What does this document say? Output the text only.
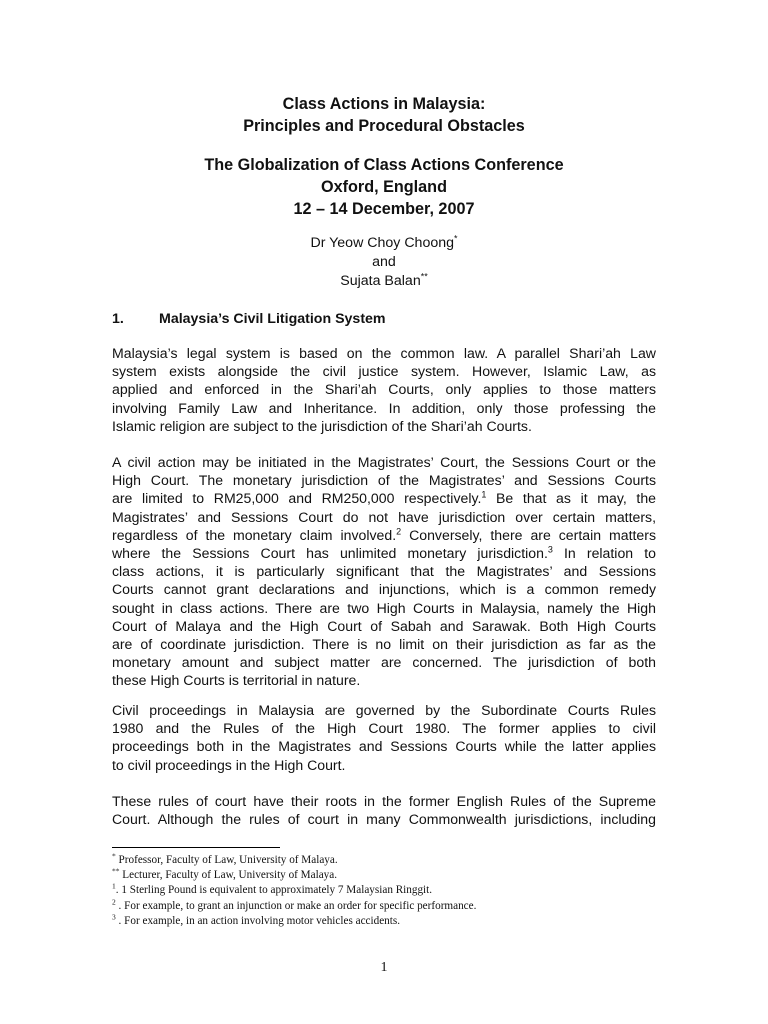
Class Actions in Malaysia:
Principles and Procedural Obstacles
The Globalization of Class Actions Conference
Oxford, England
12 – 14 December, 2007
Dr Yeow Choy Choong*
and
Sujata Balan**
1. Malaysia’s Civil Litigation System
Malaysia’s legal system is based on the common law. A parallel Shari’ah Law
system exists alongside the civil justice system. However, Islamic Law, as
applied and enforced in the Shari’ah Courts, only applies to those matters
involving Family Law and Inheritance. In addition, only those professing the
Islamic religion are subject to the jurisdiction of the Shari’ah Courts.
A civil action may be initiated in the Magistrates’ Court, the Sessions Court or the
High Court. The monetary jurisdiction of the Magistrates’ and Sessions Courts
are limited to RM25,000 and RM250,000 respectively.$^1$ Be that as it may, the
Magistrates’ and Sessions Court do not have jurisdiction over certain matters,
regardless of the monetary claim involved.$^2$ Conversely, there are certain matters
where the Sessions Court has unlimited monetary jurisdiction.$^3$ In relation to
class actions, it is particularly significant that the Magistrates’ and Sessions
Courts cannot grant declarations and injunctions, which is a common remedy
sought in class actions. There are two High Courts in Malaysia, namely the High
Court of Malaya and the High Court of Sabah and Sarawak. Both High Courts
are of coordinate jurisdiction. There is no limit on their jurisdiction as far as the
monetary amount and subject matter are concerned. The jurisdiction of both
these High Courts is territorial in nature.
Civil proceedings in Malaysia are governed by the Subordinate Courts Rules
1980 and the Rules of the High Court 1980. The former applies to civil
proceedings both in the Magistrates and Sessions Courts while the latter applies
to civil proceedings in the High Court.
These rules of court have their roots in the former English Rules of the Supreme
Court. Although the rules of court in many Commonwealth jurisdictions, including
* Professor, Faculty of Law, University of Malaya.
** Lecturer, Faculty of Law, University of Malaya.
$^1$. 1 Sterling Pound is equivalent to approximately 7 Malaysian Ringgit.
$^2$ . For example, to grant an injunction or make an order for specific performance.
$^3$ . For example, in an action involving motor vehicles accidents.
1
